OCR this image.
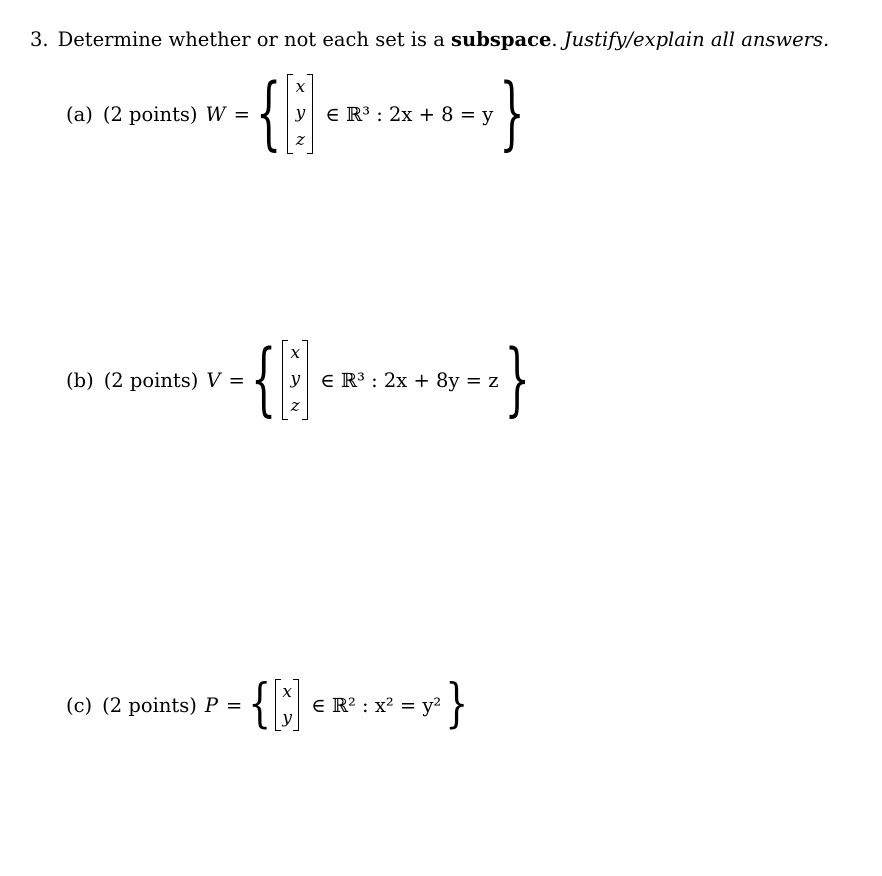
3. Determine whether or not each set is a subspace. Justify/explain all answers.
(a) (2 points) W = { x
y
z
∈ ℝ³ : 2x + 8 = y }
(b) (2 points) V = { x
y
z
∈ ℝ³ : 2x + 8y = z }
(c) (2 points) P = { x
y
∈ ℝ² : x² = y² }
